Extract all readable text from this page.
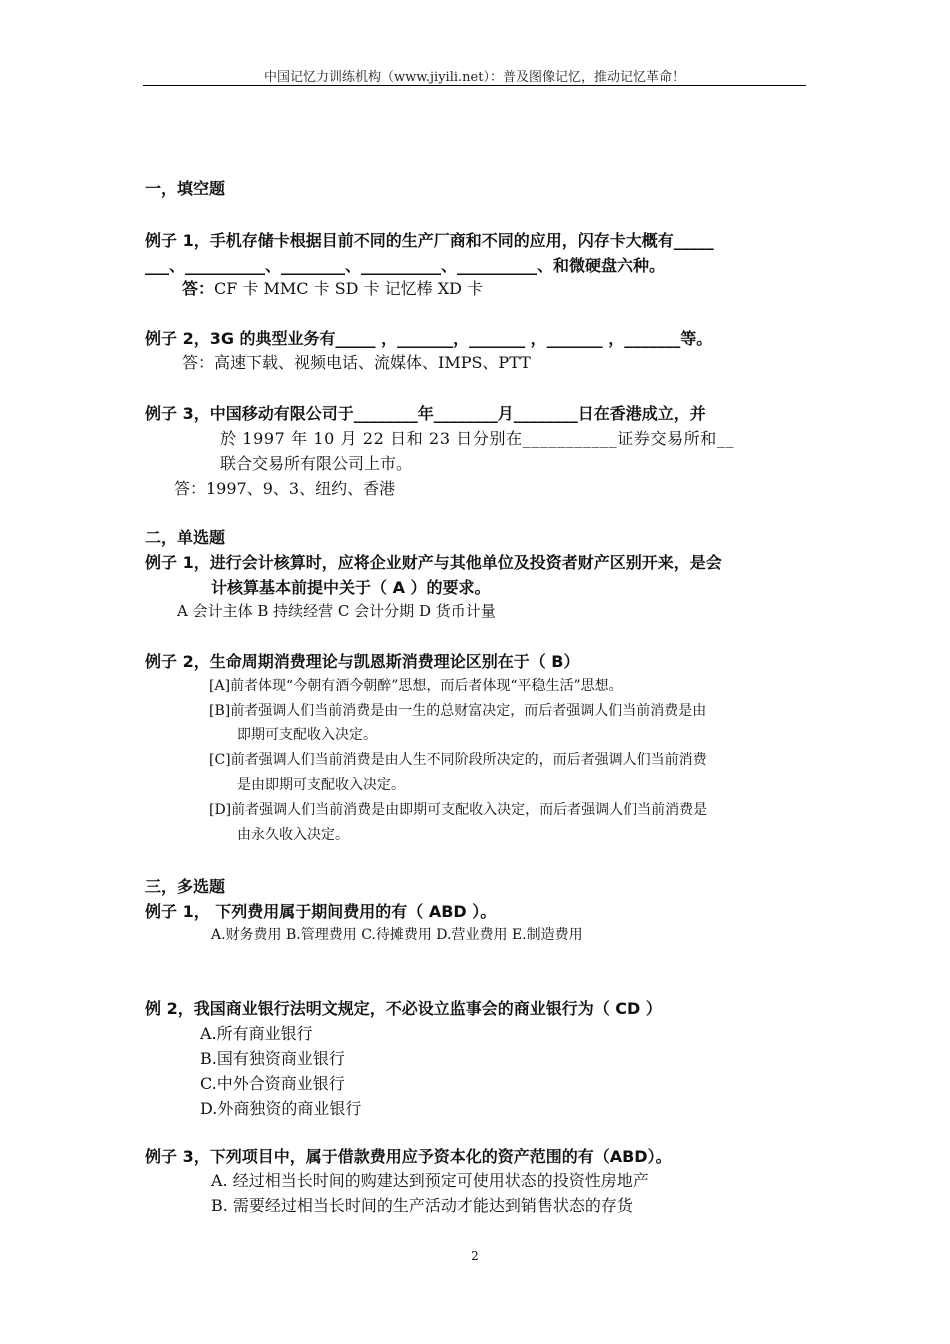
中国记忆力训练机构（www.jiyili.net）：普及图像记忆，推动记忆革命！
一，填空题
例子 1，手机存储卡根据目前不同的生产厂商和不同的应用，闪存卡大概有_____
___、__________、________、__________、__________、和微硬盘六种。
答：CF 卡 MMC 卡 SD 卡 记忆棒 XD 卡
例子 2，3G 的典型业务有_____ ，_______，_______ ，_______ ，_______等。
答：高速下载、视频电话、流媒体、IMPS、PTT
例子 3，中国移动有限公司于________年________月________日在香港成立，并
於 1997 年 10 月 22 日和 23 日分别在___________证券交易所和__
联合交易所有限公司上市。
答：1997、9、3、纽约、香港
二，单选题
例子 1，进行会计核算时，应将企业财产与其他单位及投资者财产区别开来，是会
计核算基本前提中关于（ A ）的要求。
A 会计主体 B 持续经营 C 会计分期 D 货币计量
例子 2，生命周期消费理论与凯恩斯消费理论区别在于（ B）
[A]前者体现“今朝有酒今朝醉”思想，而后者体现“平稳生活”思想。
[B]前者强调人们当前消费是由一生的总财富决定，而后者强调人们当前消费是由
即期可支配收入决定。
[C]前者强调人们当前消费是由人生不同阶段所决定的，而后者强调人们当前消费
是由即期可支配收入决定。
[D]前者强调人们当前消费是由即期可支配收入决定，而后者强调人们当前消费是
由永久收入决定。
三，多选题
例子 1， 下列费用属于期间费用的有（ ABD ）。
A.财务费用 B.管理费用 C.待摊费用 D.营业费用 E.制造费用
例 2，我国商业银行法明文规定，不必设立监事会的商业银行为（ CD ）
A.所有商业银行
B.国有独资商业银行
C.中外合资商业银行
D.外商独资的商业银行
例子 3，下列项目中，属于借款费用应予资本化的资产范围的有（ABD）。
A. 经过相当长时间的购建达到预定可使用状态的投资性房地产
B. 需要经过相当长时间的生产活动才能达到销售状态的存货
2
